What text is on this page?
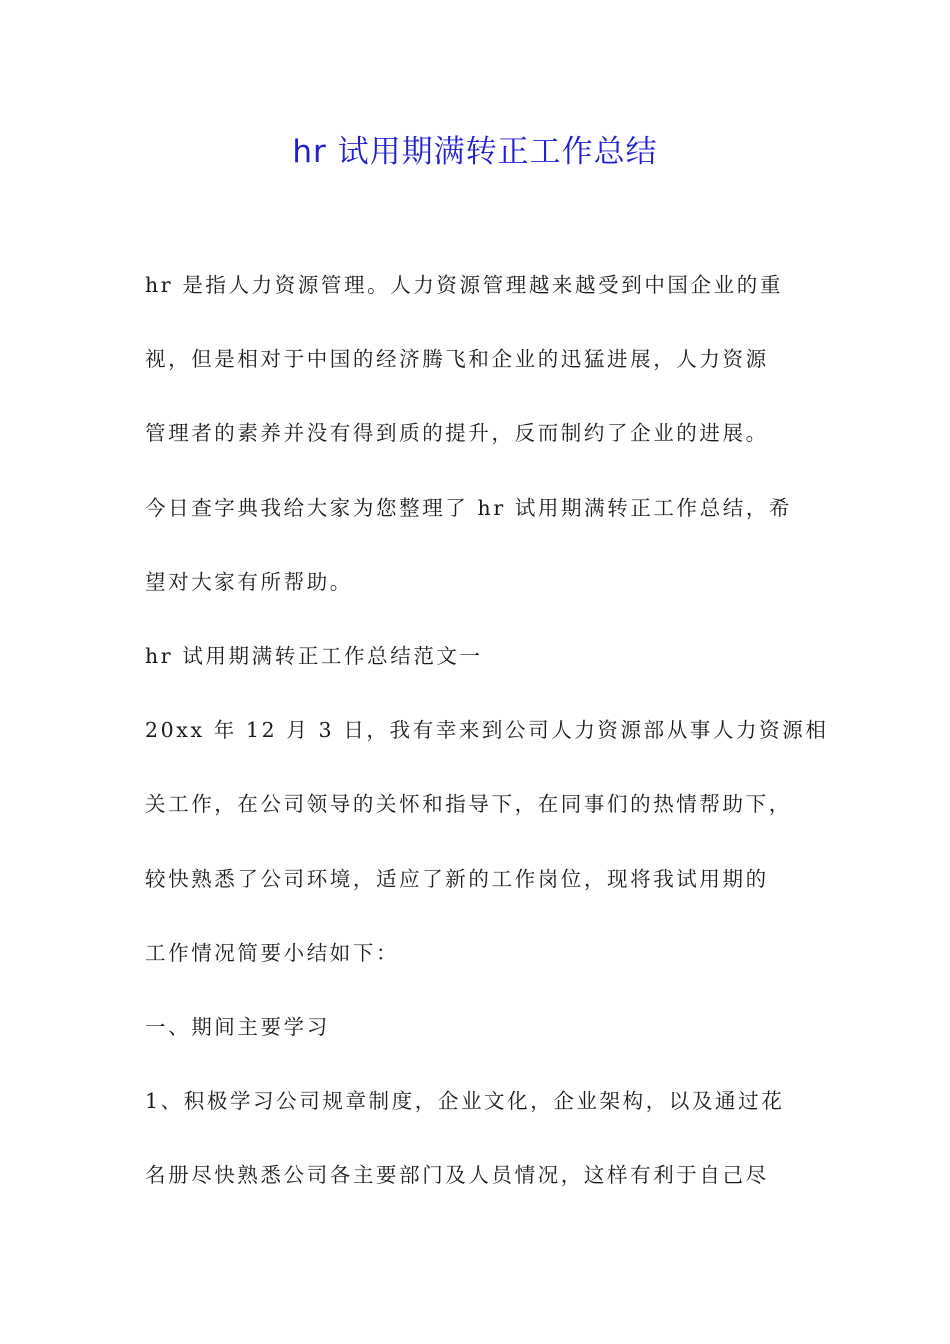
hr 试用期满转正工作总结
hr 是指人力资源管理。人力资源管理越来越受到中国企业的重
视，但是相对于中国的经济腾飞和企业的迅猛进展，人力资源
管理者的素养并没有得到质的提升，反而制约了企业的进展。
今日查字典我给大家为您整理了 hr 试用期满转正工作总结，希
望对大家有所帮助。
hr 试用期满转正工作总结范文一
20xx 年 12 月 3 日，我有幸来到公司人力资源部从事人力资源相
关工作，在公司领导的关怀和指导下，在同事们的热情帮助下，
较快熟悉了公司环境，适应了新的工作岗位，现将我试用期的
工作情况简要小结如下：
一、期间主要学习
1、积极学习公司规章制度，企业文化，企业架构，以及通过花
名册尽快熟悉公司各主要部门及人员情况，这样有利于自己尽
